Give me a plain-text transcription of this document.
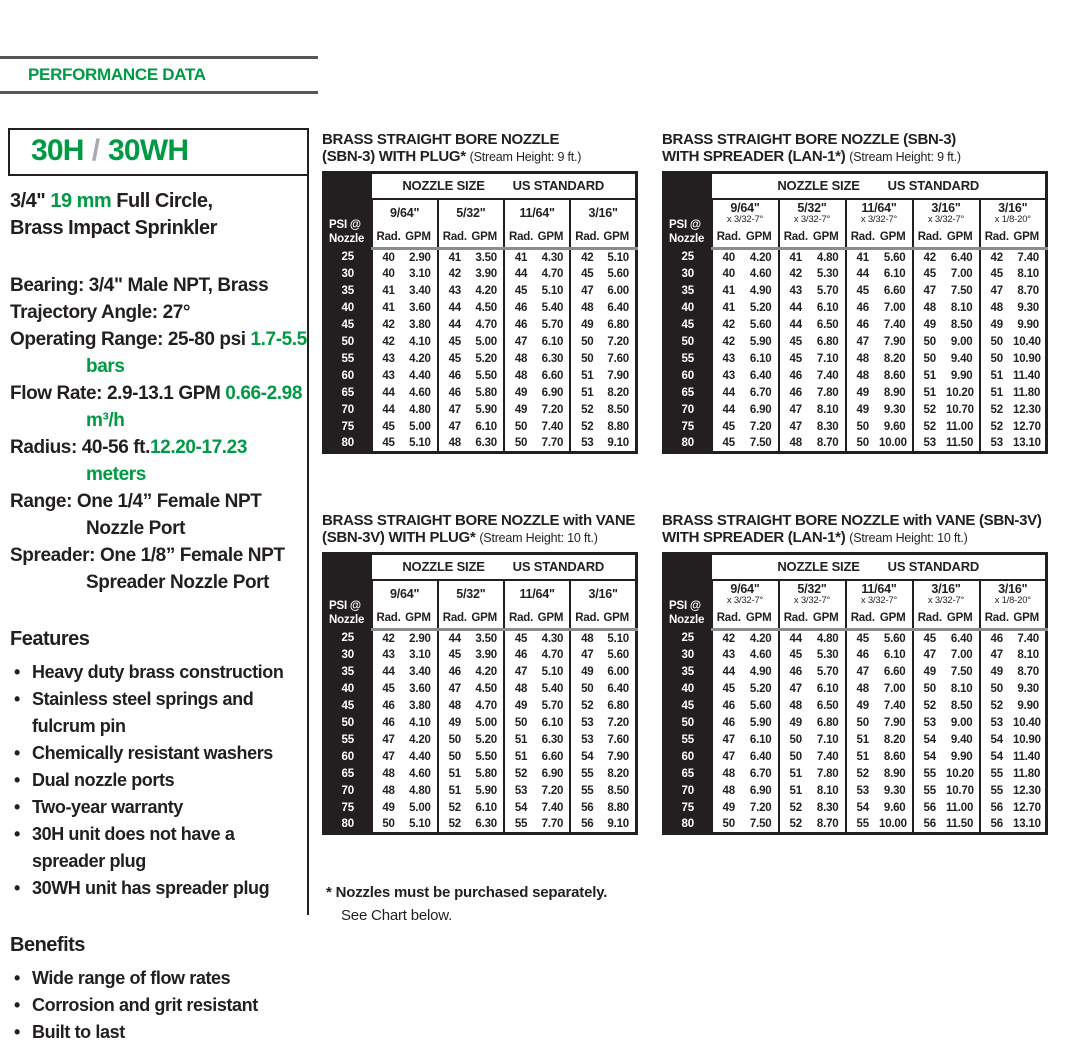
PERFORMANCE DATA
30H / 30WH
3/4" 19 mm Full Circle,
Brass Impact Sprinkler
Bearing: 3/4" Male NPT, Brass
Trajectory Angle: 27°
Operating Range: 25-80 psi 1.7-5.5 bars
Flow Rate: 2.9-13.1 GPM 0.66-2.98 m³/h
Radius: 40-56 ft.12.20-17.23 meters
Range: One 1/4” Female NPT Nozzle Port
Spreader: One 1/8” Female NPT Spreader Nozzle Port
Features
• Heavy duty brass construction
• Stainless steel springs and fulcrum pin
• Chemically resistant washers
• Dual nozzle ports
• Two-year warranty
• 30H unit does not have a spreader plug
• 30WH unit has spreader plug
Benefits
• Wide range of flow rates
• Corrosion and grit resistant
• Built to last
BRASS STRAIGHT BORE NOZZLE
(SBN-3) WITH PLUG* (Stream Height: 9 ft.)
PSI @
Nozzle

NOZZLE SIZE US STANDARD

	9/64"		5/32"		11/64"		3/16"	

	Rad.	GPM	Rad.	GPM	Rad.	GPM	Rad.	GPM
25	40	2.90	41	3.50	41	4.30	42	5.10
30	40	3.10	42	3.90	44	4.70	45	5.60
35	41	3.40	43	4.20	45	5.10	47	6.00
40	41	3.60	44	4.50	46	5.40	48	6.40
45	42	3.80	44	4.70	46	5.70	49	6.80
50	42	4.10	45	5.00	47	6.10	50	7.20
55	43	4.20	45	5.20	48	6.30	50	7.60
60	43	4.40	46	5.50	48	6.60	51	7.90
65	44	4.60	46	5.80	49	6.90	51	8.20
70	44	4.80	47	5.90	49	7.20	52	8.50
75	45	5.00	47	6.10	50	7.40	52	8.80
80	45	5.10	48	6.30	50	7.70	53	9.10
BRASS STRAIGHT BORE NOZZLE (SBN-3)
WITH SPREADER (LAN-1*) (Stream Height: 9 ft.)
PSI @
Nozzle

NOZZLE SIZE US STANDARD

9/64"
x 3/32-7°

5/32"
x 3/32-7°

11/64"
x 3/32-7°

3/16"
x 3/32-7°

3/16"
x 1/8-20°

	Rad.	GPM	Rad.	GPM	Rad.	GPM	Rad.	GPM	Rad.	GPM
25	40	4.20	41	4.80	41	5.60	42	6.40	42	7.40
30	40	4.60	42	5.30	44	6.10	45	7.00	45	8.10
35	41	4.90	43	5.70	45	6.60	47	7.50	47	8.70
40	41	5.20	44	6.10	46	7.00	48	8.10	48	9.30
45	42	5.60	44	6.50	46	7.40	49	8.50	49	9.90
50	42	5.90	45	6.80	47	7.90	50	9.00	50	10.40
55	43	6.10	45	7.10	48	8.20	50	9.40	50	10.90
60	43	6.40	46	7.40	48	8.60	51	9.90	51	11.40
65	44	6.70	46	7.80	49	8.90	51	10.20	51	11.80
70	44	6.90	47	8.10	49	9.30	52	10.70	52	12.30
75	45	7.20	47	8.30	50	9.60	52	11.00	52	12.70
80	45	7.50	48	8.70	50	10.00	53	11.50	53	13.10
BRASS STRAIGHT BORE NOZZLE with VANE
(SBN-3V) WITH PLUG* (Stream Height: 10 ft.)
PSI @
Nozzle

NOZZLE SIZE US STANDARD

	9/64"		5/32"		11/64"		3/16"	

	Rad.	GPM	Rad.	GPM	Rad.	GPM	Rad.	GPM
25	42	2.90	44	3.50	45	4.30	48	5.10
30	43	3.10	45	3.90	46	4.70	47	5.60
35	44	3.40	46	4.20	47	5.10	49	6.00
40	45	3.60	47	4.50	48	5.40	50	6.40
45	46	3.80	48	4.70	49	5.70	52	6.80
50	46	4.10	49	5.00	50	6.10	53	7.20
55	47	4.20	50	5.20	51	6.30	53	7.60
60	47	4.40	50	5.50	51	6.60	54	7.90
65	48	4.60	51	5.80	52	6.90	55	8.20
70	48	4.80	51	5.90	53	7.20	55	8.50
75	49	5.00	52	6.10	54	7.40	56	8.80
80	50	5.10	52	6.30	55	7.70	56	9.10
BRASS STRAIGHT BORE NOZZLE with VANE (SBN-3V)
WITH SPREADER (LAN-1*) (Stream Height: 10 ft.)
PSI @
Nozzle

NOZZLE SIZE US STANDARD

9/64"
x 3/32-7°

5/32"
x 3/32-7°

11/64"
x 3/32-7°

3/16"
x 3/32-7°

3/16"
x 1/8-20°

	Rad.	GPM	Rad.	GPM	Rad.	GPM	Rad.	GPM	Rad.	GPM
25	42	4.20	44	4.80	45	5.60	45	6.40	46	7.40
30	43	4.60	45	5.30	46	6.10	47	7.00	47	8.10
35	44	4.90	46	5.70	47	6.60	49	7.50	49	8.70
40	45	5.20	47	6.10	48	7.00	50	8.10	50	9.30
45	46	5.60	48	6.50	49	7.40	52	8.50	52	9.90
50	46	5.90	49	6.80	50	7.90	53	9.00	53	10.40
55	47	6.10	50	7.10	51	8.20	54	9.40	54	10.90
60	47	6.40	50	7.40	51	8.60	54	9.90	54	11.40
65	48	6.70	51	7.80	52	8.90	55	10.20	55	11.80
70	48	6.90	51	8.10	53	9.30	55	10.70	55	12.30
75	49	7.20	52	8.30	54	9.60	56	11.00	56	12.70
80	50	7.50	52	8.70	55	10.00	56	11.50	56	13.10
* Nozzles must be purchased separately.
See Chart below.
